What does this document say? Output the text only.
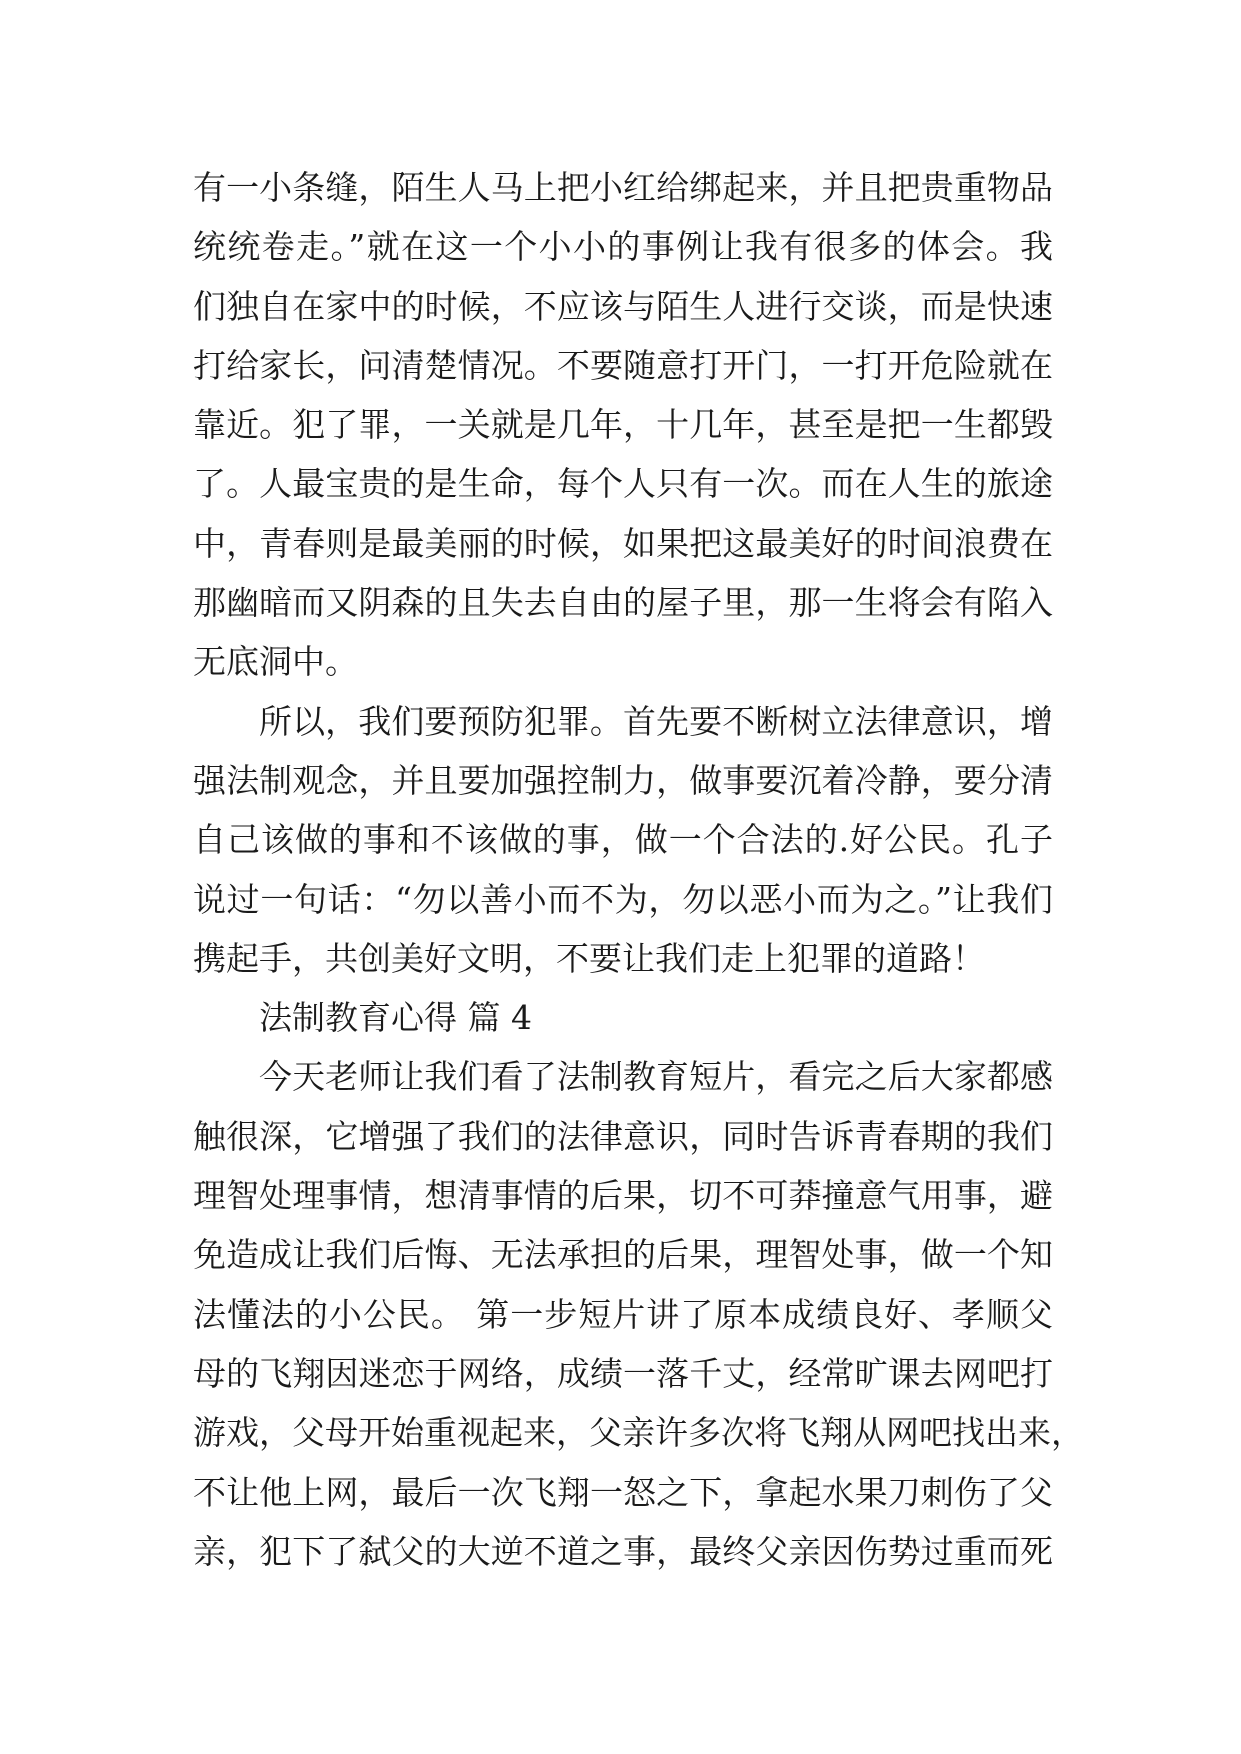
有一小条缝，陌生人马上把小红给绑起来，并且把贵重物品
统统卷走。”就在这一个小小的事例让我有很多的体会。我
们独自在家中的时候，不应该与陌生人进行交谈，而是快速
打给家长，问清楚情况。不要随意打开门，一打开危险就在
靠近。犯了罪，一关就是几年，十几年，甚至是把一生都毁
了。人最宝贵的是生命，每个人只有一次。而在人生的旅途
中，青春则是最美丽的时候，如果把这最美好的时间浪费在
那幽暗而又阴森的且失去自由的屋子里，那一生将会有陷入
无底洞中。
所以，我们要预防犯罪。首先要不断树立法律意识，增
强法制观念，并且要加强控制力，做事要沉着冷静，要分清
自己该做的事和不该做的事，做一个合法的.好公民。孔子
说过一句话：“勿以善小而不为，勿以恶小而为之。”让我们
携起手，共创美好文明，不要让我们走上犯罪的道路！
法制教育心得 篇 4
今天老师让我们看了法制教育短片，看完之后大家都感
触很深，它增强了我们的法律意识，同时告诉青春期的我们
理智处理事情，想清事情的后果，切不可莽撞意气用事，避
免造成让我们后悔、无法承担的后果，理智处事，做一个知
法懂法的小公民。 第一步短片讲了原本成绩良好、孝顺父
母的飞翔因迷恋于网络，成绩一落千丈，经常旷课去网吧打
游戏，父母开始重视起来，父亲许多次将飞翔从网吧找出来，
不让他上网，最后一次飞翔一怒之下，拿起水果刀刺伤了父
亲，犯下了弑父的大逆不道之事，最终父亲因伤势过重而死
